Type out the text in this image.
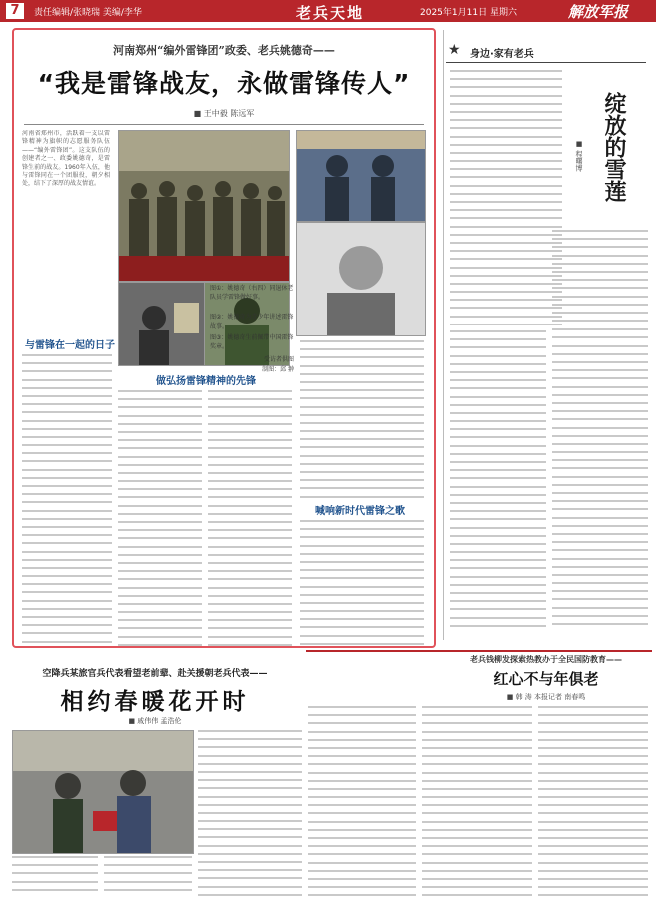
7	责任编辑/张晓瑞 美编/李华	老兵天地	2025年1月11日 星期六	解放军报
河南郑州“编外雷锋团”政委、老兵姚德奇——
“我是雷锋战友，永做雷锋传人”
■ 王中毅 陈远军
河南省郑州市，活跃着一支以雷锋精神为旗帜的志愿服务队伍——“编外雷锋团”。这支队伍的创建者之一、政委姚德奇，是雷锋生前的战友。1960年入伍，他与雷锋同在一个团服役，朝夕相处，结下了深厚的战友情谊。
图①：姚德奇（右四）同退休老队员学雷锋做好事。
图②：姚德奇为青少年讲述雷锋故事。
图③：姚德奇生前佩带中国雷锋奖章。
受访者供图
制图：邱 翀
与雷锋在一起的日子
做弘扬雷锋精神的先锋
喊响新时代雷锋之歌
★ 身边·家有老兵
绽放的雪莲
■ 程曙博
老兵钱柳发探索热教办于全民国防教育——
红心不与年俱老
■ 韩 涛 本报记者 南春鸣
空降兵某旅官兵代表看望老前辈、赴关援朝老兵代表——
相约春暖花开时
■ 戚伟伟 孟浩伦
